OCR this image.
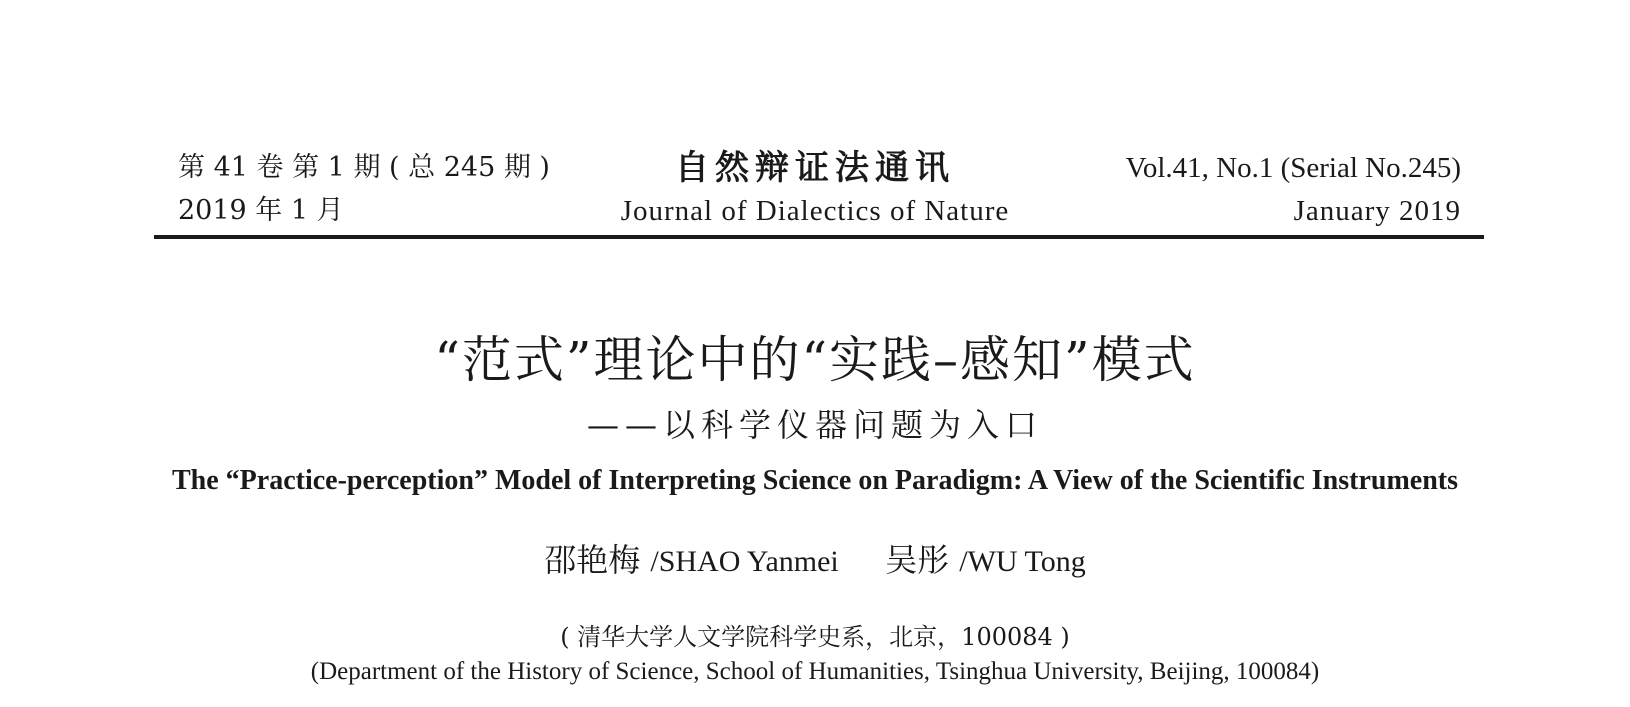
第 41 卷 第 1 期 ( 总 245 期 )
2019 年 1 月
自然辩证法通讯
Journal of Dialectics of Nature
Vol.41, No.1 (Serial No.245)
January 2019
“范式”理论中的“实践–感知”模式
——以科学仪器问题为入口
The “Practice-perception” Model of Interpreting Science on Paradigm: A View of the Scientific Instruments
邵艳梅 /SHAO Yanmei 吴彤 /WU Tong
( 清华大学人文学院科学史系，北京，100084 )
(Department of the History of Science, School of Humanities, Tsinghua University, Beijing, 100084)
